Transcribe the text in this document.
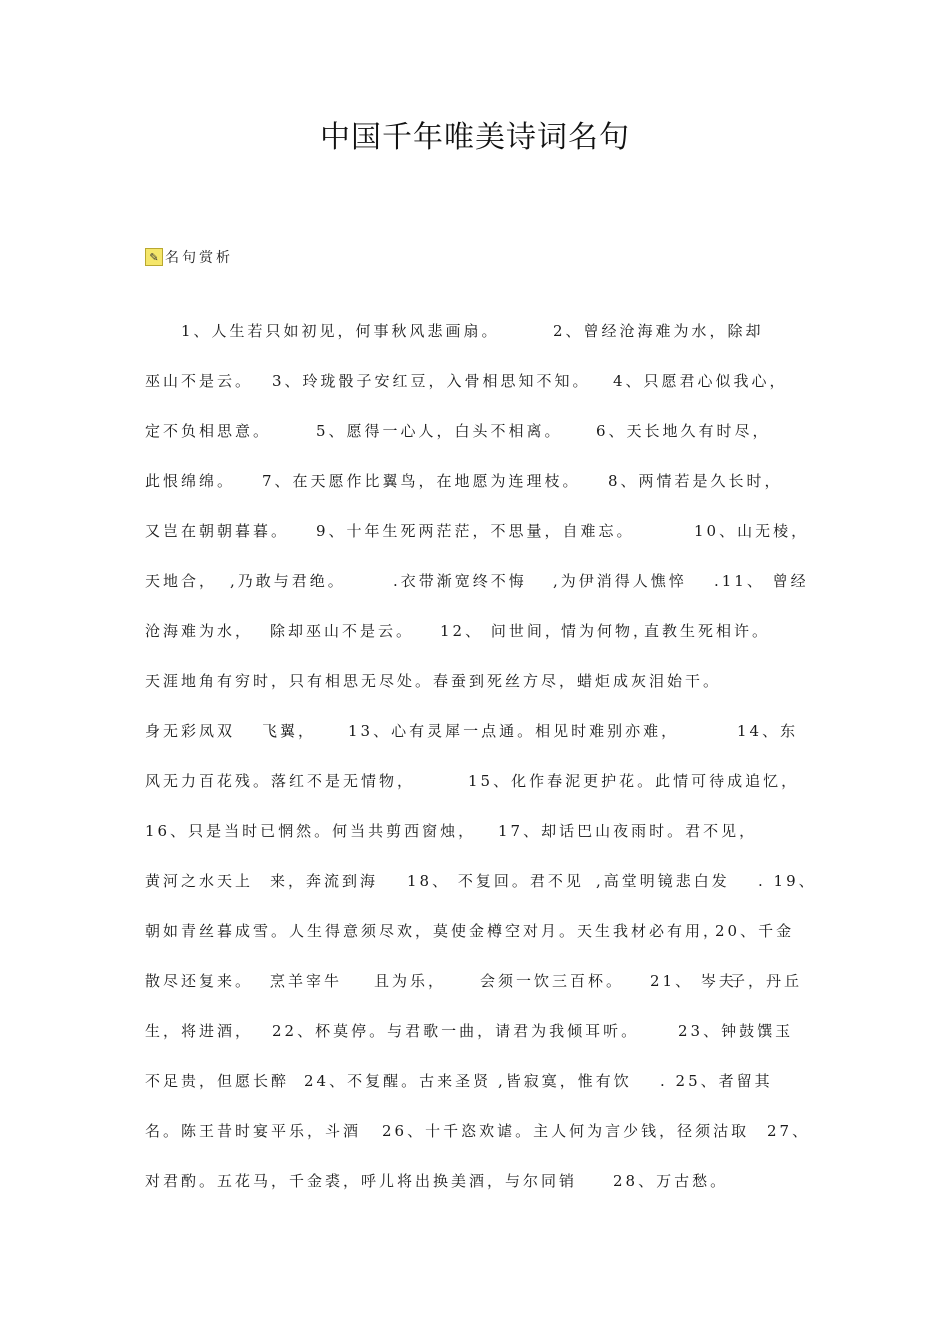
中国千年唯美诗词名句
✎ 名句赏析
　　1、人生若只如初见，何事秋风悲画扇。	2、曾经沧海难为水，除却
巫山不是云。 3、玲珑骰子安红豆，入骨相思知不知。 4、只愿君心似我心，
定不负相思意。	5、愿得一心人，白头不相离。 6、天长地久有时尽，
此恨绵绵。 7、在天愿作比翼鸟，在地愿为连理枝。 8、两情若是久长时，
又岂在朝朝暮暮。 9、十年生死两茫茫，不思量，自难忘。	10、山无棱，
天地合， ,乃敢与君绝。	.衣带渐宽终不悔 ,为伊消得人憔悴 .11、 曾经
沧海难为水， 除却巫山不是云。 12、 问世间，
情为何物，
直教生死相许。
天涯地角有穷时，只有相思无尽处。春蚕到死丝方尽，蜡炬成灰泪始干。
身无彩凤双 飞翼， 13、心有灵犀一点通。相见时难别亦难，	14、东
风无力百花残。落红不是无情物，	15、化作春泥更护花。此情可待成追忆，
16、只是当时已惘然。何当共剪西窗烛， 17、却话巴山夜雨时。君不见，
黄河之水天上 来，奔流到海 18、 不复回。君不见 ,高堂明镜悲白发 . 19、
朝如青丝暮成雪。人生得意须尽欢，莫使金樽空对月。天生我材必有用，
20、千金
散尽还复来。 烹羊宰牛 且为乐， 会须一饮三百杯。 21、 岑夫
子，丹丘
生，将进酒， 22、杯莫停。与君歌一曲，请君为我倾耳听。	23、钟鼓馔玉
不足贵，但愿长醉 24、不复醒。古来圣贤 ,皆寂寞，惟有饮 . 25、者留其
名。陈王昔时宴平乐，斗酒 26、十千恣欢谑。主人何为言少钱，径须沽取 27、
对君酌。五花马，千金裘，呼儿将出换美酒，与尔同销 28、万古愁。
